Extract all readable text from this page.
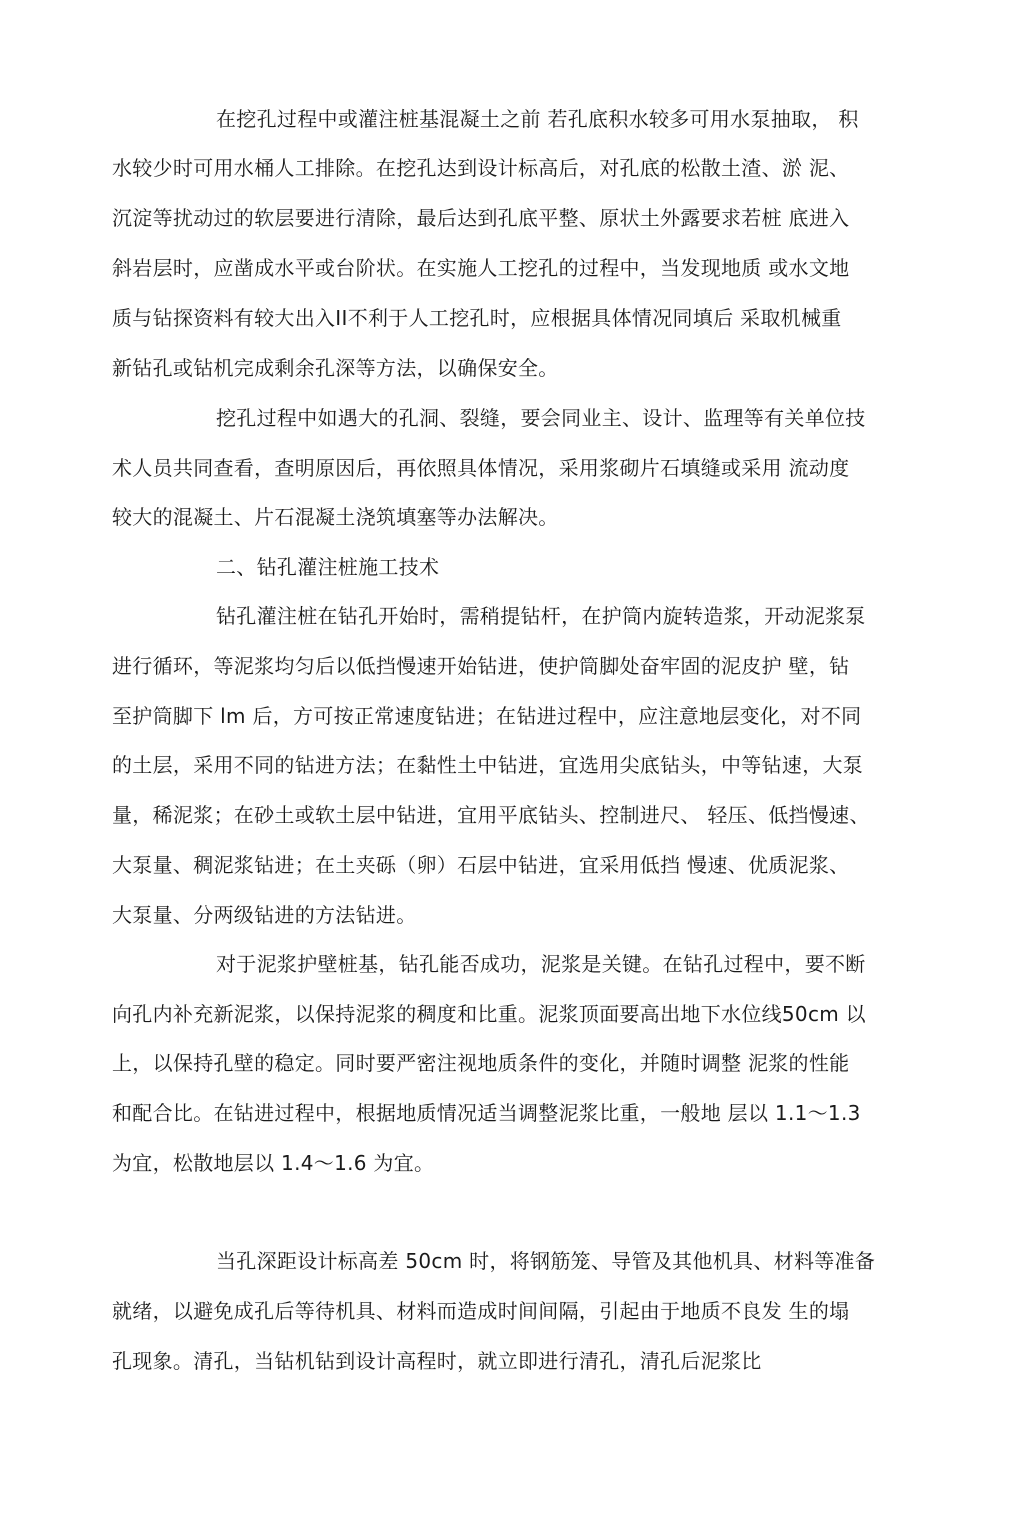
在挖孔过程中或灌注桩基混凝土之前 若孔底积水较多可用水泵抽取， 积
水较少时可用水桶人工排除。在挖孔达到设计标高后，对孔底的松散土渣、淤 泥、
沉淀等扰动过的软层要进行清除，最后达到孔底平整、原状土外露要求若桩 底进入
斜岩层时，应凿成水平或台阶状。在实施人工挖孔的过程中，当发现地质 或水文地
质与钻探资料有较大出入II不利于人工挖孔时，应根据具体情况同填后 采取机械重
新钻孔或钻机完成剩余孔深等方法，以确保安全。
挖孔过程中如遇大的孔洞、裂缝，要会同业主、设计、监理等有关单位技
术人员共同查看，查明原因后，再依照具体情况，采用浆砌片石填缝或采用 流动度
较大的混凝土、片石混凝土浇筑填塞等办法解决。
二、钻孔灌注桩施工技术
钻孔灌注桩在钻孔开始时，需稍提钻杆，在护筒内旋转造浆，开动泥浆泵
进行循环，等泥浆均匀后以低挡慢速开始钻进，使护筒脚处奋牢固的泥皮护 壁，钻
至护筒脚下 lm 后，方可按正常速度钻进；在钻进过程中，应注意地层变化，对不同
的土层，采用不同的钻进方法；在黏性土中钻进，宜选用尖底钻头，中等钻速，大泵
量，稀泥浆；在砂土或软土层中钻进，宜用平底钻头、控制进尺、 轻压、低挡慢速、
大泵量、稠泥浆钻进；在土夹砾（卵）石层中钻进，宜采用低挡 慢速、优质泥浆、
大泵量、分两级钻进的方法钻进。
对于泥浆护壁桩基，钻孔能否成功，泥浆是关键。在钻孔过程中，要不断
向孔内补充新泥浆，以保持泥浆的稠度和比重。泥浆顶面要高出地下水位线50cm 以
上，以保持孔壁的稳定。同时要严密注视地质条件的变化，并随时调整 泥浆的性能
和配合比。在钻进过程中，根据地质情况适当调整泥浆比重，一般地 层以 1.1～1.3
为宜，松散地层以 1.4～1.6 为宜。
当孔深距设计标高差 50cm 时，将钢筋笼、导管及其他机具、材料等准备
就绪，以避免成孔后等待机具、材料而造成时间间隔，引起由于地质不良发 生的塌
孔现象。清孔，当钻机钻到设计高程时，就立即进行清孔，清孔后泥浆比
